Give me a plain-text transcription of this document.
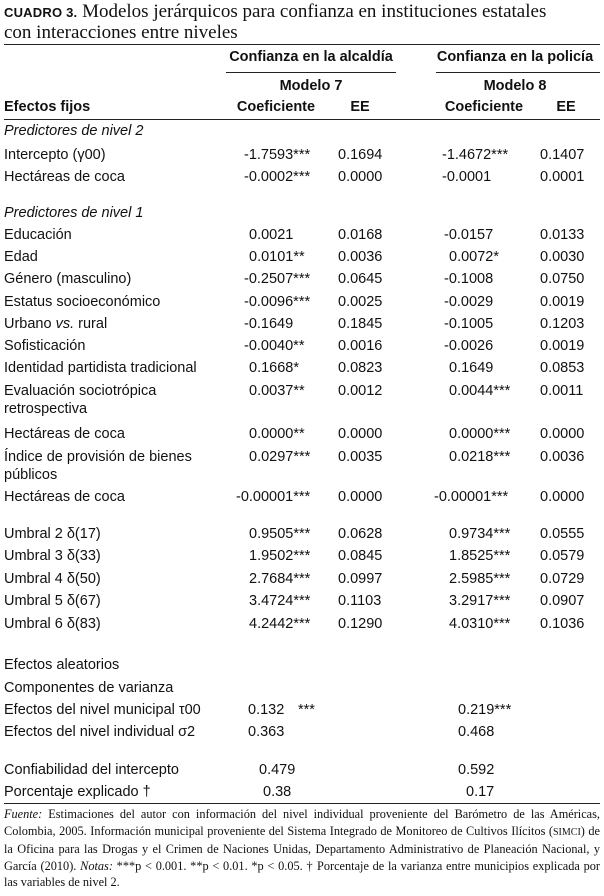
CUADRO 3. Modelos jerárquicos para confianza en instituciones estatales
con interacciones entre niveles
Confianza en la alcaldía	Confianza en la policía
Modelo 7	Modelo 8
Efectos fijos	Coeficiente	EE	Coeficiente	EE
Predictores de nivel 2
Intercepto (γ00)	-1.7593*** 0.1694	-1.4672*** 0.1407
Hectáreas de coca	-0.0002*** 0.0000	-0.0001	0.0001
Predictores de nivel 1
Educación	0.0021	0.0168	-0.0157	0.0133
Edad	0.0101** 0.0036	0.0072*	0.0030
Género (masculino)	-0.2507*** 0.0645	-0.1008	0.0750
Estatus socioeconómico	-0.0096*** 0.0025	-0.0029	0.0019
Urbano vs. rural	-0.1649	0.1845	-0.1005	0.1203
Sofisticación	-0.0040** 0.0016	-0.0026	0.0019
Identidad partidista tradicional	0.1668*	0.0823	0.1649	0.0853
Evaluación sociotrópica
retrospectiva
0.0037** 0.0012	0.0044*** 0.0011
Hectáreas de coca	0.0000** 0.0000	0.0000*** 0.0000
Índice de provisión de bienes
públicos
0.0297*** 0.0035	0.0218*** 0.0036
Hectáreas de coca	-0.00001*** 0.0000	-0.00001*** 0.0000
Umbral 2 δ(17)	0.9505*** 0.0628	0.9734*** 0.0555
Umbral 3 δ(33)	1.9502*** 0.0845	1.8525*** 0.0579
Umbral 4 δ(50)	2.7684*** 0.0997	2.5985*** 0.0729
Umbral 5 δ(67)	3.4724*** 0.1103	3.2917*** 0.0907
Umbral 6 δ(83)	4.2442*** 0.1290	4.0310*** 0.1036
Efectos aleatorios
Componentes de varianza
Efectos del nivel municipal τ00	0.132 ***	0.219***
Efectos del nivel individual σ2	0.363	0.468
Confiabilidad del intercepto	0.479	0.592
Porcentaje explicado †	0.38	0.17
Fuente: Estimaciones del autor con información del nivel individual proveniente del Barómetro de las Américas, Colombia, 2005. Información municipal proveniente del Sistema Integrado de Monitoreo de Cultivos Ilícitos (SIMCI) de la Oficina para las Drogas y el Crimen de Naciones Unidas, Departamento Administrativo de Planeación Nacional, y García (2010). Notas: ***p < 0.001. **p < 0.01. *p < 0.05. † Porcentaje de la varianza entre municipios explicada por las variables de nivel 2.
